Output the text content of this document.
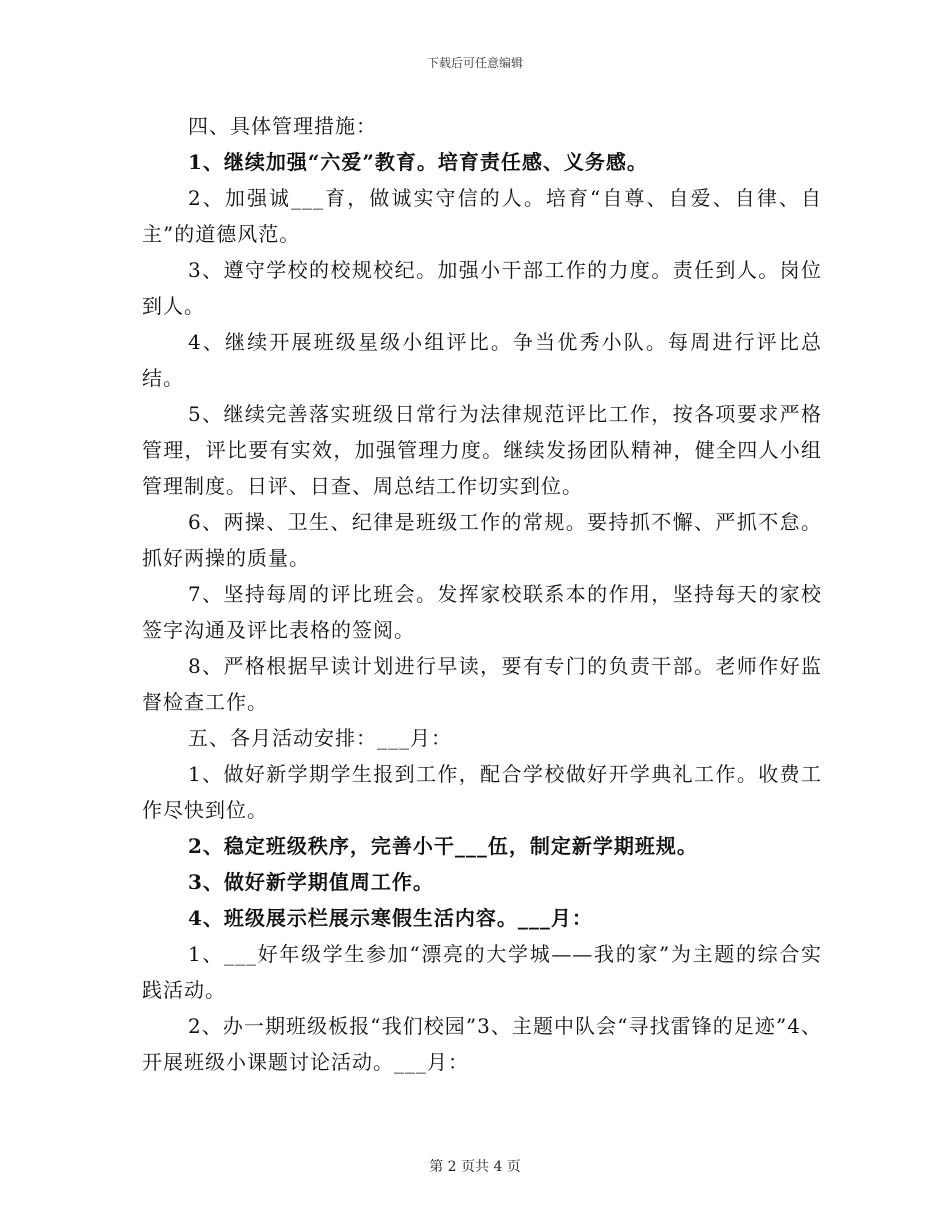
下载后可任意编辑

四、具体管理措施：

1、继续加强“六爱”教育。培育责任感、义务感。

2、加强诚___育，做诚实守信的人。培育“自尊、自爱、自律、自主”的道德风范。

3、遵守学校的校规校纪。加强小干部工作的力度。责任到人。岗位到人。

4、继续开展班级星级小组评比。争当优秀小队。每周进行评比总结。

5、继续完善落实班级日常行为法律规范评比工作，按各项要求严格管理，评比要有实效，加强管理力度。继续发扬团队精神，健全四人小组管理制度。日评、日查、周总结工作切实到位。

6、两操、卫生、纪律是班级工作的常规。要持抓不懈、严抓不怠。抓好两操的质量。

7、坚持每周的评比班会。发挥家校联系本的作用，坚持每天的家校签字沟通及评比表格的签阅。

8、严格根据早读计划进行早读，要有专门的负责干部。老师作好监督检查工作。

五、各月活动安排：___月：

1、做好新学期学生报到工作，配合学校做好开学典礼工作。收费工作尽快到位。

2、稳定班级秩序，完善小干___伍，制定新学期班规。

3、做好新学期值周工作。

4、班级展示栏展示寒假生活内容。___月：

1、___好年级学生参加“漂亮的大学城——我的家”为主题的综合实践活动。

2、办一期班级板报“我们校园”3、主题中队会“寻找雷锋的足迹”4、开展班级小课题讨论活动。___月：

第 2 页共 4 页
